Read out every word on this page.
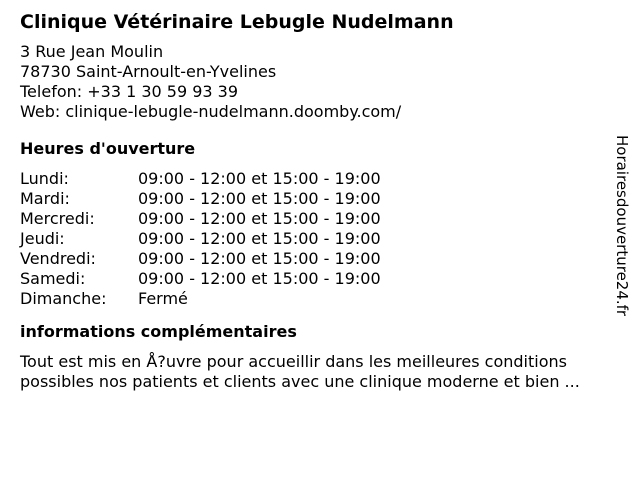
Clinique Vétérinaire Lebugle Nudelmann
3 Rue Jean Moulin
78730 Saint-Arnoult-en-Yvelines
Telefon: +33 1 30 59 93 39
Web: clinique-lebugle-nudelmann.doomby.com/
Heures d'ouverture
Lundi:	09:00 - 12:00 et 15:00 - 19:00
Mardi:	09:00 - 12:00 et 15:00 - 19:00
Mercredi:	09:00 - 12:00 et 15:00 - 19:00
Jeudi:	09:00 - 12:00 et 15:00 - 19:00
Vendredi:	09:00 - 12:00 et 15:00 - 19:00
Samedi:	09:00 - 12:00 et 15:00 - 19:00
Dimanche:	Fermé
informations complémentaires
Tout est mis en Å?uvre pour accueillir dans les meilleures conditions
possibles nos patients et clients avec une clinique moderne et bien ...
Horairesdouverture24.fr
